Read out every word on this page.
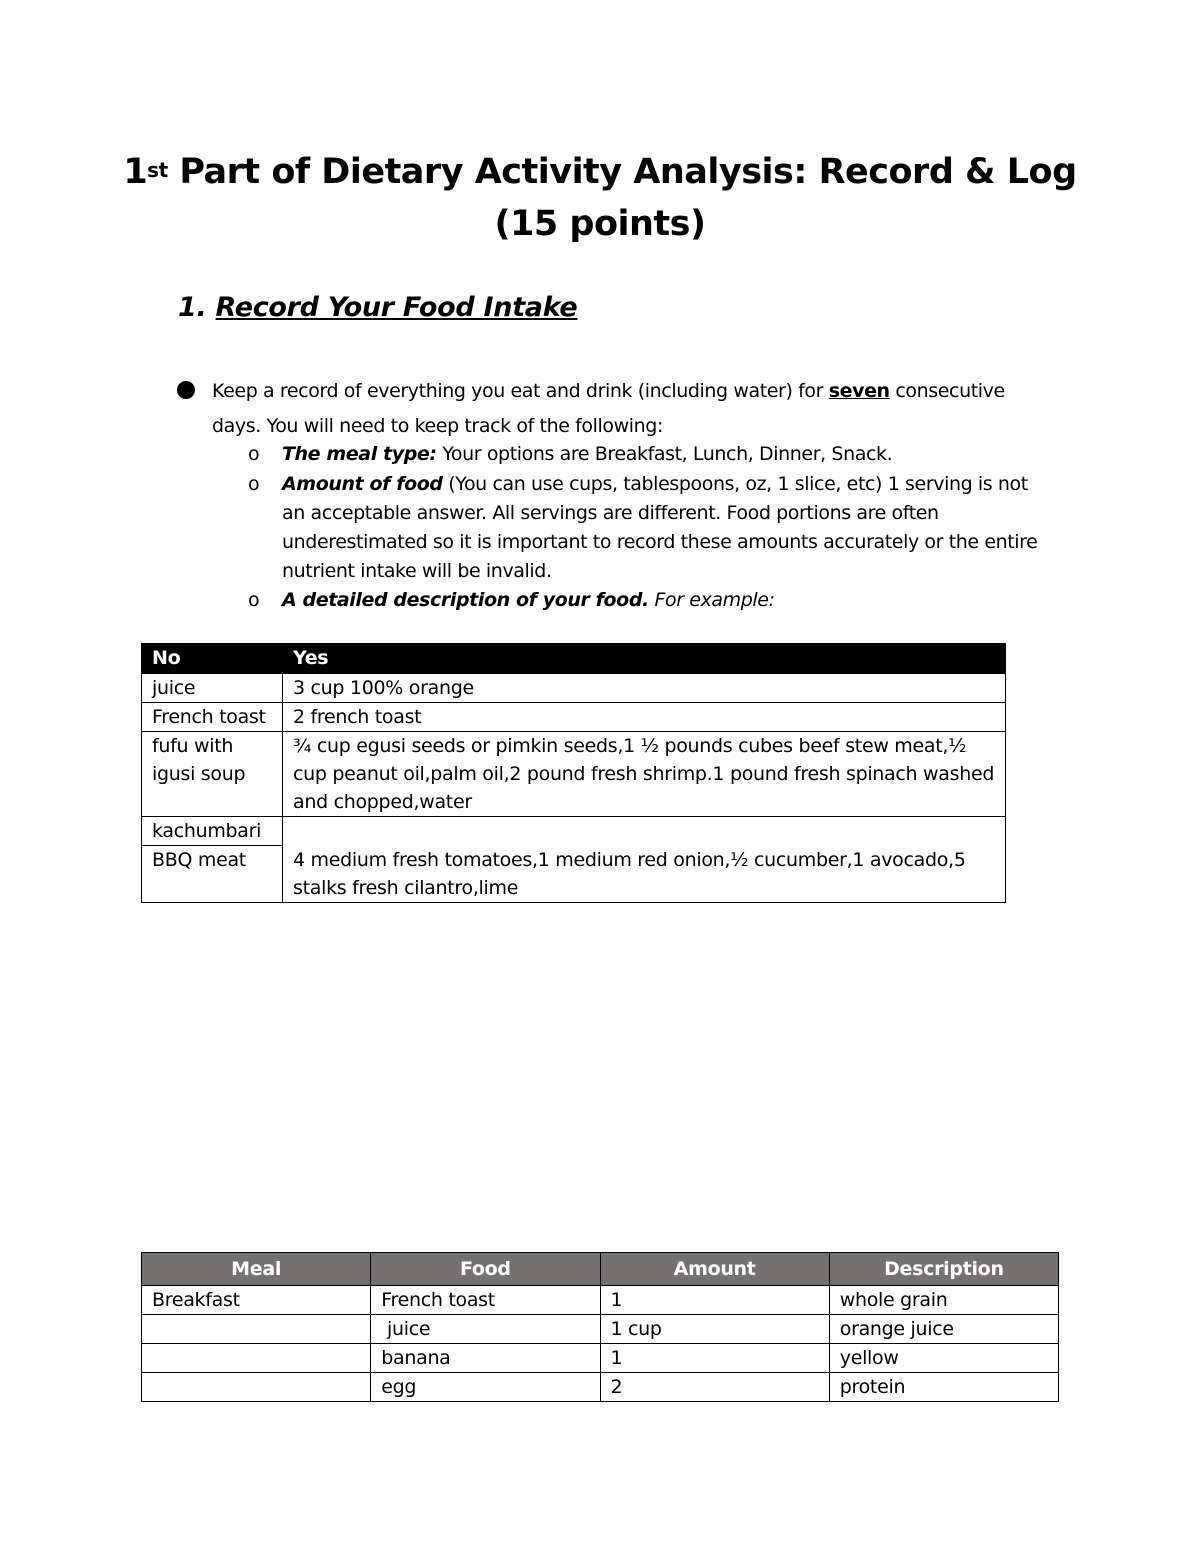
1st Part of Dietary Activity Analysis: Record & Log
(15 points)
1. Record Your Food Intake
Keep a record of everything you eat and drink (including water) for seven consecutive days. You will need to keep track of the following:
o The meal type: Your options are Breakfast, Lunch, Dinner, Snack.
o Amount of food (You can use cups, tablespoons, oz, 1 slice, etc) 1 serving is not an acceptable answer. All servings are different. Food portions are often underestimated so it is important to record these amounts accurately or the entire nutrient intake will be invalid.
o A detailed description of your food. For example:
No	Yes
juice	3 cup 100% orange
French toast	2 french toast
fufu with igusi soup	¾ cup egusi seeds or pimkin seeds,1 ½ pounds cubes beef stew meat,½ cup peanut oil,palm oil,2 pound fresh shrimp.1 pound fresh spinach washed and chopped,water
kachumbari	4 medium fresh tomatoes,1 medium red onion,½ cucumber,1 avocado,5 stalks fresh cilantro,lime
BBQ meat	
Meal	Food	Amount	Description
Breakfast	French toast	1	whole grain
	juice	1 cup	orange juice
	banana	1	yellow
	egg	2	protein
